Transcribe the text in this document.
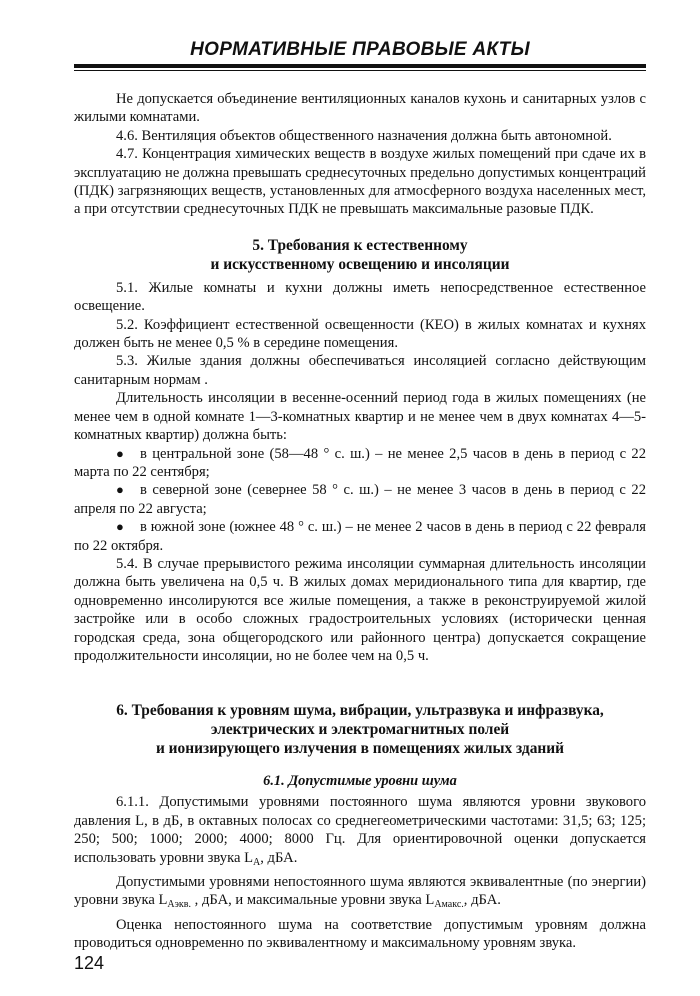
НОРМАТИВНЫЕ ПРАВОВЫЕ АКТЫ

Не допускается объединение вентиляционных каналов кухонь и санитарных узлов с жилыми комнатами.

4.6. Вентиляция объектов общественного назначения должна быть автономной.

4.7. Концентрация химических веществ в воздухе жилых помещений при сдаче их в эксплуатацию не должна превышать среднесуточных предельно допустимых концентраций (ПДК) загрязняющих веществ, установленных для атмосферного воздуха населенных мест, а при отсутствии среднесуточных ПДК не превышать максимальные разовые ПДК.

5. Требования к естественному
и искусственному освещению и инсоляции

5.1. Жилые комнаты и кухни должны иметь непосредственное естественное освещение.

5.2. Коэффициент естественной освещенности (КЕО) в жилых комнатах и кухнях должен быть не менее 0,5 % в середине помещения.

5.3. Жилые здания должны обеспечиваться инсоляцией согласно действующим санитарным нормам .

Длительность инсоляции в весенне-осенний период года в жилых помещениях (не менее чем в одной комнате 1—3-комнатных квартир и не менее чем в двух комнатах 4—5-комнатных квартир) должна быть:

● в центральной зоне (58—48 ° с. ш.) – не менее 2,5 часов в день в период с 22 марта по 22 сентября;

● в северной зоне (севернее 58 ° с. ш.) – не менее 3 часов в день в период с 22 апреля по 22 августа;

● в южной зоне (южнее 48 ° с. ш.) – не менее 2 часов в день в период с 22 февраля по 22 октября.

5.4. В случае прерывистого режима инсоляции суммарная длительность инсоляции должна быть увеличена на 0,5 ч. В жилых домах меридионального типа для квартир, где одновременно инсолируются все жилые помещения, а также в реконструируемой жилой застройке или в особо сложных градостроительных условиях (исторически ценная городская среда, зона общегородского или районного центра) допускается сокращение продолжительности инсоляции, но не более чем на 0,5 ч.

6. Требования к уровням шума, вибрации, ультразвука и инфразвука,
электрических и электромагнитных полей
и ионизирующего излучения в помещениях жилых зданий
6.1. Допустимые уровни шума

6.1.1. Допустимыми уровнями постоянного шума являются уровни звукового давления L, в дБ, в октавных полосах со среднегеометрическими частотами: 31,5; 63; 125; 250; 500; 1000; 2000; 4000; 8000 Гц. Для ориентировочной оценки допускается использовать уровни звука $L_A$, дБА.

Допустимыми уровнями непостоянного шума являются эквивалентные (по энергии) уровни звука $L_{Аэкв.}$ , дБА, и максимальные уровни звука $L_{Амакс.}$, дБА.

Оценка непостоянного шума на соответствие допустимым уровням должна проводиться одновременно по эквивалентному и максимальному уровням звука.

124
